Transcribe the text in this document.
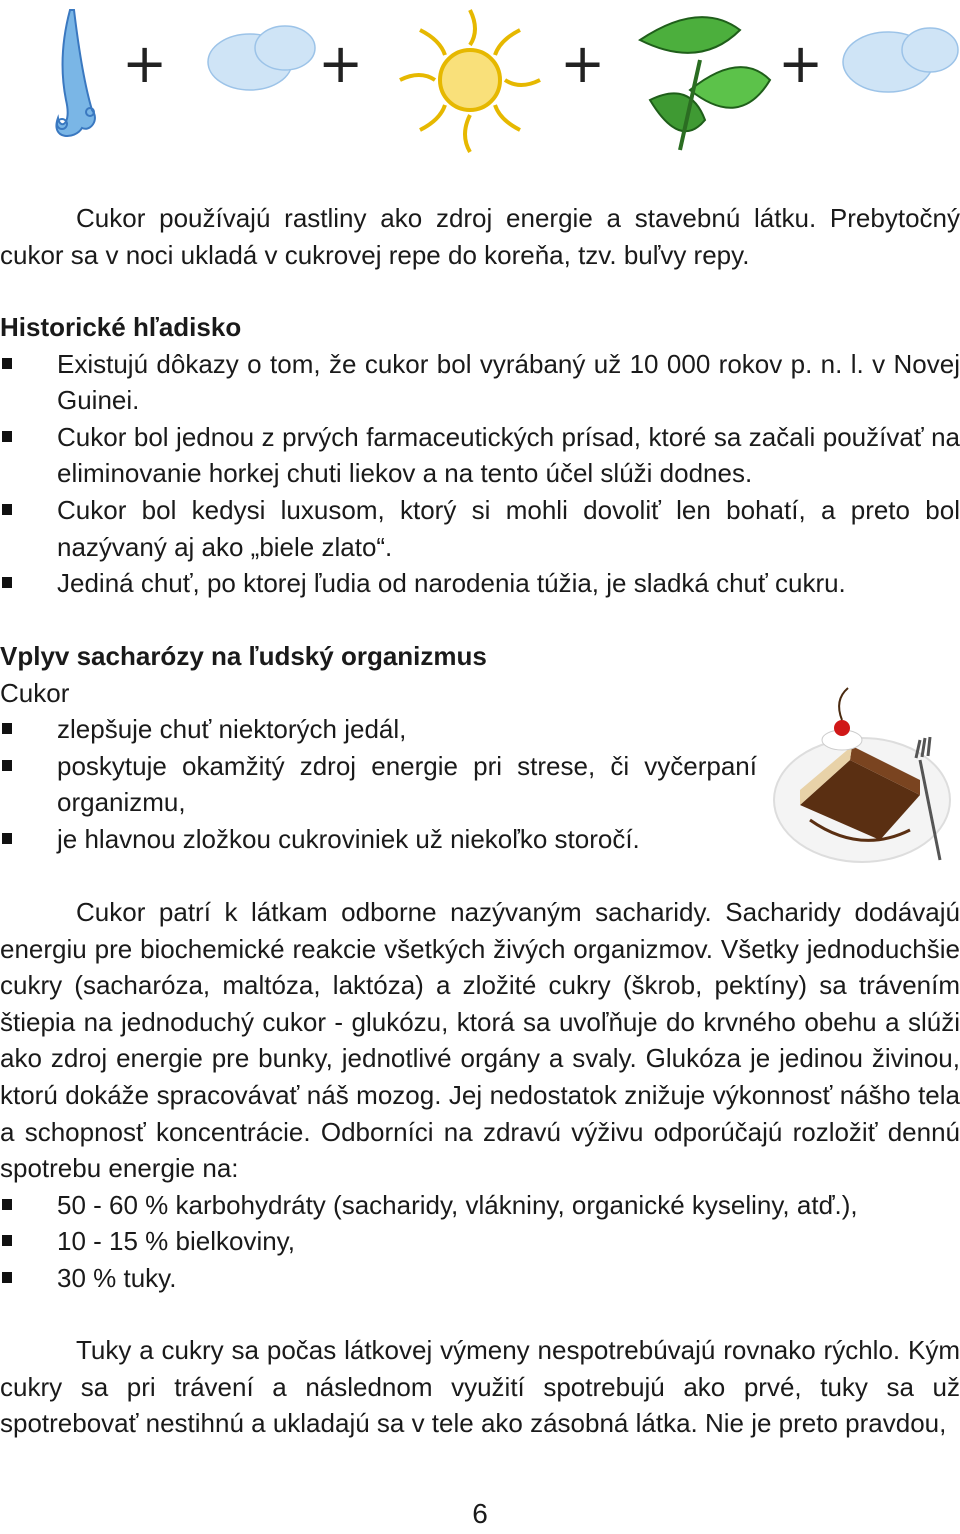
+	+	+	+

Cukor používajú rastliny ako zdroj energie a stavebnú látku. Prebytočný cukor sa v noci ukladá v cukrovej repe do koreňa, tzv. buľvy repy.

Historické hľadisko

Existujú dôkazy o tom, že cukor bol vyrábaný už 10 000 rokov p. n. l. v Novej Guinei.
Cukor bol jednou z prvých farmaceutických prísad, ktoré sa začali používať na eliminovanie horkej chuti liekov a na tento účel slúži dodnes.
Cukor bol kedysi luxusom, ktorý si mohli dovoliť len bohatí, a preto bol nazývaný aj ako „biele zlato“.
Jediná chuť, po ktorej ľudia od narodenia túžia, je sladká chuť cukru.

Vplyv sacharózy na ľudský organizmus

Cukor

zlepšuje chuť niektorých jedál,
poskytuje okamžitý zdroj energie pri strese, či vyčerpaní organizmu,
je hlavnou zložkou cukroviniek už niekoľko storočí.

Cukor patrí k látkam odborne nazývaným sacharidy. Sacharidy dodávajú energiu pre biochemické reakcie všetkých živých organizmov. Všetky jednoduchšie cukry (sacharóza, maltóza, laktóza) a zložité cukry (škrob, pektíny) sa trávením štiepia na jednoduchý cukor - glukózu, ktorá sa uvoľňuje do krvného obehu a slúži ako zdroj energie pre bunky, jednotlivé orgány a svaly. Glukóza je jedinou živinou, ktorú dokáže spracovávať náš mozog. Jej nedostatok znižuje výkonnosť nášho tela a schopnosť koncentrácie. Odborníci na zdravú výživu odporúčajú rozložiť dennú spotrebu energie na:

50 - 60 % karbohydráty (sacharidy, vlákniny, organické kyseliny, atď.),
10 - 15 % bielkoviny,
30 % tuky.

Tuky a cukry sa počas látkovej výmeny nespotrebúvajú rovnako rýchlo. Kým cukry sa pri trávení a následnom využití spotrebujú ako prvé, tuky sa už spotrebovať nestihnú a ukladajú sa v tele ako zásobná látka. Nie je preto pravdou,

6
